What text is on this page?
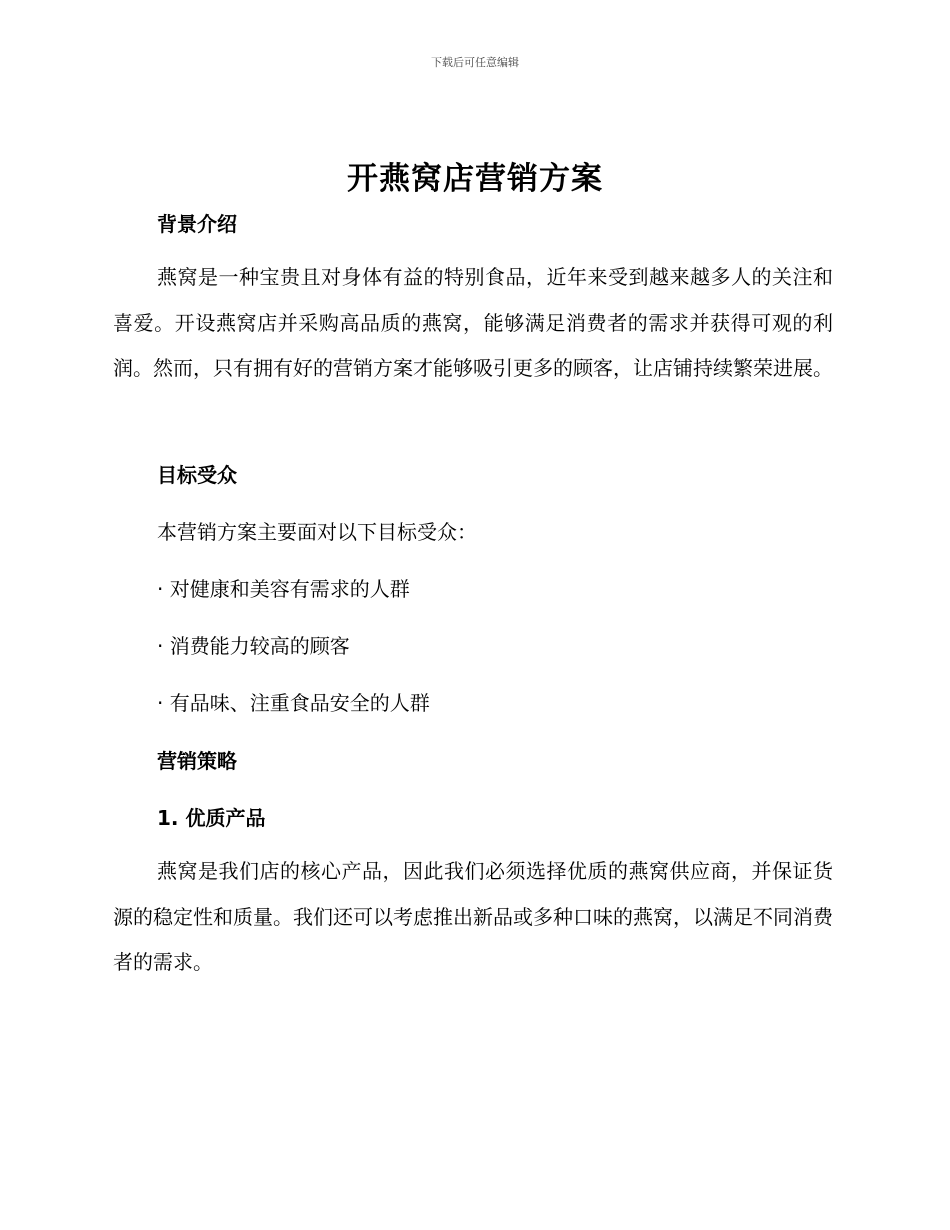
下载后可任意编辑
开燕窝店营销方案
背景介绍

燕窝是一种宝贵且对身体有益的特别食品，近年来受到越来越多人的关注和喜爱。开设燕窝店并采购高品质的燕窝，能够满足消费者的需求并获得可观的利润。然而，只有拥有好的营销方案才能够吸引更多的顾客，让店铺持续繁荣进展。

目标受众
本营销方案主要面对以下目标受众：
· 对健康和美容有需求的人群
· 消费能力较高的顾客
· 有品味、注重食品安全的人群
营销策略
1. 优质产品

燕窝是我们店的核心产品，因此我们必须选择优质的燕窝供应商，并保证货源的稳定性和质量。我们还可以考虑推出新品或多种口味的燕窝，以满足不同消费者的需求。
